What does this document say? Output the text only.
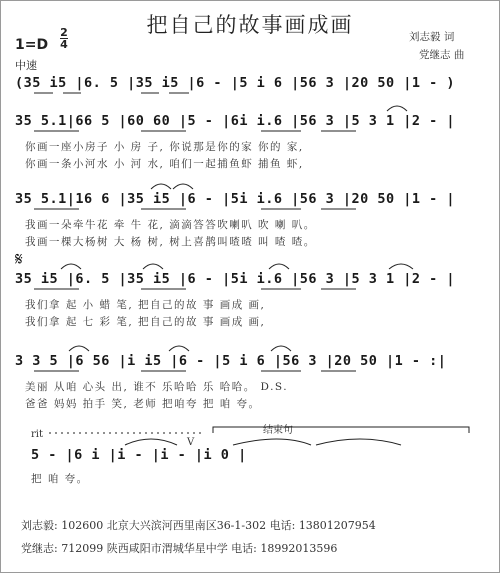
把自己的故事画成画	刘志毅 词
党继志 曲
1=D
2
4
中速
(35 i5 |6. 5 |35 i5 |6 - |5 i 6 |56 3 |20 50 |1 - )
35 5.1|66 5 |60 60 |5 - |6i i.6 |56 3 |5 3 1 |2 - |
你画一座小房子 小 房 子, 你说那是你的家 你的 家,
你画一条小河水 小 河 水, 咱们一起捕鱼虾 捕鱼 虾,
35 5.1|16 6 |35 i5 |6 - |5i i.6 |56 3 |20 50 |1 - |
我画一朵牵牛花 牵 牛 花, 滴滴答答吹喇叭 吹 喇 叭。
我画一棵大杨树 大 杨 树, 树上喜鹊叫喳喳 叫 喳 喳。
𝄋
35 i5 |6. 5 |35 i5 |6 - |5i i.6 |56 3 |5 3 1 |2 - |
我们拿 起 小 蜡 笔, 把自己的故 事 画成 画,
我们拿 起 七 彩 笔, 把自己的故 事 画成 画,
3 3 5 |6 56 |i i5 |6 - |5 i 6 |56 3 |20 50 |1 - :|
美丽 从咱 心头 出, 谁不 乐哈哈 乐 哈哈。 D.S.
爸爸 妈妈 拍手 笑, 老师 把咱夸 把 咱 夸。
rit	结束句
V
5 - |6 i |i - |i - |i 0 |
把 咱 夸。
刘志毅: 102600 北京大兴滨河西里南区36-1-302 电话: 13801207954
党继志: 712099 陕西咸阳市渭城华星中学 电话: 18992013596
